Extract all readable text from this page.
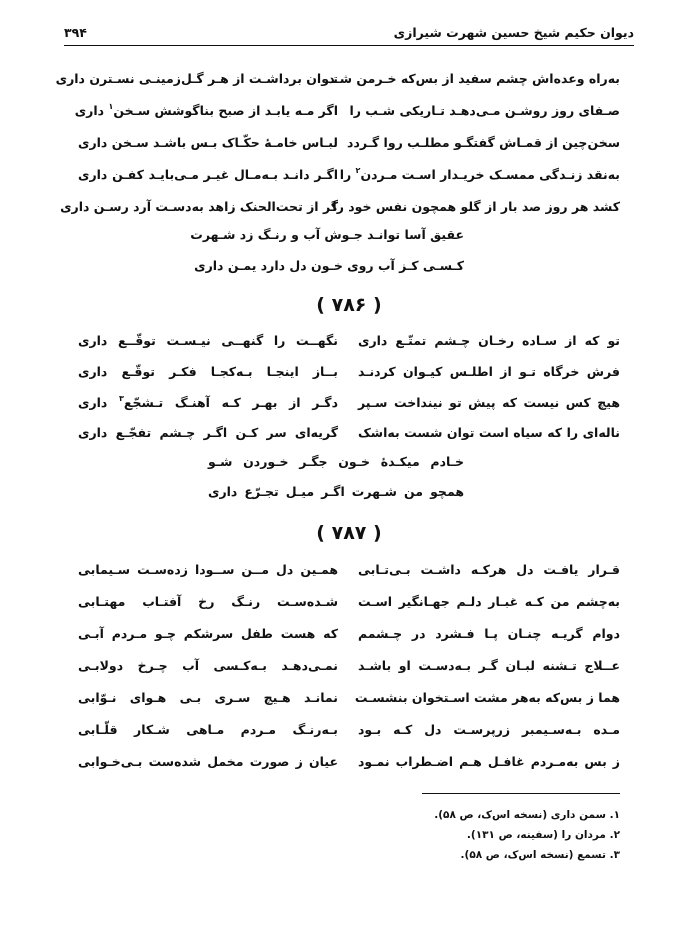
دیوان حکیم شیخ حسین شهرت شیرازی
۳۹۴
به‌راه وعده‌اش چشم سفید از بس‌که خـرمن شـد
تـوان برداشـت از هـر گـل‌زمینـی نسـترن داری
صـفای روز روشـن مـی‌دهـد تـاریکی شـب را
اگر مـه یابـد از صبح بناگوشش سـخن$^۱$ داری
سخن‌چین از قمـاش گفتگـو مطلـب روا گـردد
لبـاس خامـهٔ حکّـاک بـس باشـد سـخن داری
به‌نقد زنـدگی ممسـک خریـدار اسـت مـردن$^۲$ را
اگـر دانـد بـه‌مـال غیـر مـی‌بایـد کفـن داری
کشد هر روز صد بار از گلو همچون نفس خود را
گر از تحت‌الحنک زاهد به‌دسـت آرد رسـن داری
عقیق آسا توانـد جـوش آب و رنـگ زد شـهرت
کـسـی کـز آب روی خـون دل دارد یمـن داری
( ۷۸۶ )
تو که از سـاده رخـان چـشم تمتّـع داری
نگهــت را گنهــی نیـسـت توقّــع داری
فرش خرگاه تـو از اطلـس کیـوان کردنـد
بــاز اینجـا بـه‌کجـا فکـر توقّـع داری
هیچ کس نیست که پیش تو نینداخت سـپر
دگـر از بهـر کـه آهنـگ تـشجّع$^۳$ داری
ناله‌ای را که سیاه است توان شست به‌اشک
گریه‌ای سر کـن اگـر چـشم تفجّـع داری
خـادم میکـدهٔ خـون جگـر خـوردن شـو
همچو من شـهرت اگـر میـل تجـرّع داری
( ۷۸۷ )
قـرار یافـت دل هرکـه داشـت بـی‌تـابی
همـین دل مــن ســودا زده‌سـت سـیمابی
به‌چشم من کـه غبـار دلـم جهـانگیر اسـت
شـده‌سـت رنـگ رخ آفتـاب مهتـابی
دوام گریـه چنـان پـا فـشرد در چـشمم
که هست طفل سرشکم چـو مـردم آبـی
عــلاج تـشنه لبـان گـر بـه‌دسـت او باشـد
نمـی‌دهـد بـه‌کـسی آب چـرخ دولابـی
هما ز بس‌که به‌هر مشت اسـتخوان بنشسـت
نمانـد هـیچ سـری بـی هـوای نـوّابی
مـده بـه‌سـیمبر زرپرسـت دل کـه بـود
بـه‌رنـگ مـردم مـاهی شـکار قلّـابی
ز بس به‌مـردم غافـل هـم اضـطراب نمـود
عیان ز صورت مخمل شده‌ست بـی‌خـوابی
۱. سمن داری (نسخه اس‌ک، ص ۵۸).
۲. مردان را (سفینه، ص ۱۳۱).
۳. تسمع (نسخه اس‌ک، ص ۵۸).
